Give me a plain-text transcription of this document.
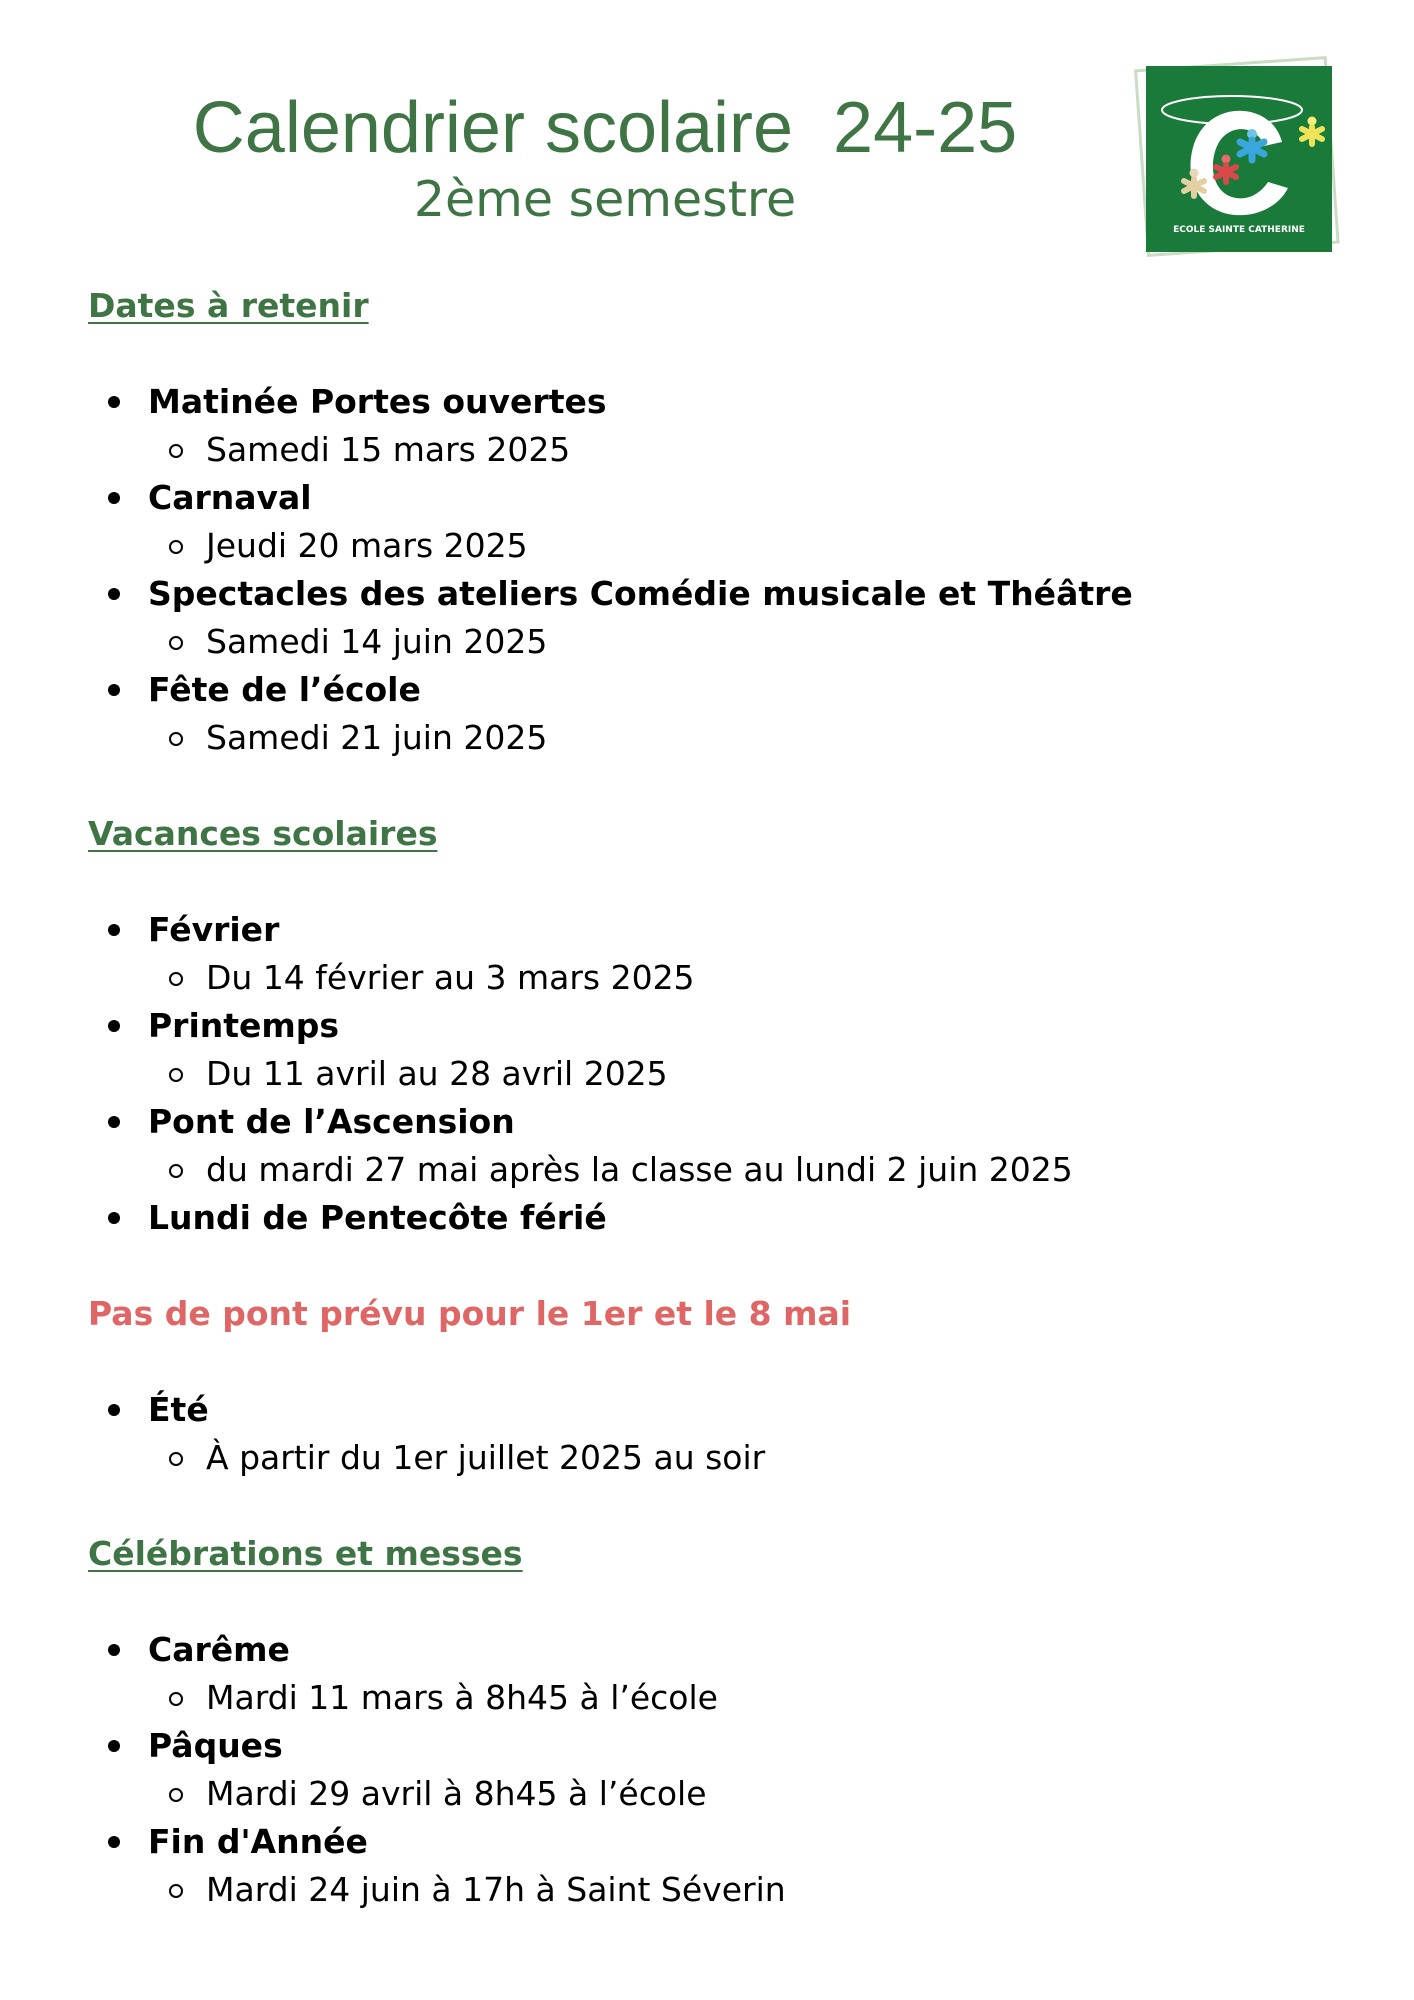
Calendrier scolaire  24-25
2ème semestre
ECOLE SAINTE CATHERINE
Dates à retenir
Matinée Portes ouvertes
Samedi 15 mars 2025
Carnaval
Jeudi 20 mars 2025
Spectacles des ateliers Comédie musicale et Théâtre
Samedi 14 juin 2025
Fête de l’école
Samedi 21 juin 2025
Vacances scolaires
Février
Du 14 février au 3 mars 2025
Printemps
Du 11 avril au 28 avril 2025
Pont de l’Ascension
du mardi 27 mai après la classe au lundi 2 juin 2025
Lundi de Pentecôte férié
Pas de pont prévu pour le 1er et le 8 mai
Été
À partir du 1er juillet 2025 au soir
Célébrations et messes
Carême
Mardi 11 mars à 8h45 à l’école
Pâques
Mardi 29 avril à 8h45 à l’école
Fin d'Année
Mardi 24 juin à 17h à Saint Séverin
